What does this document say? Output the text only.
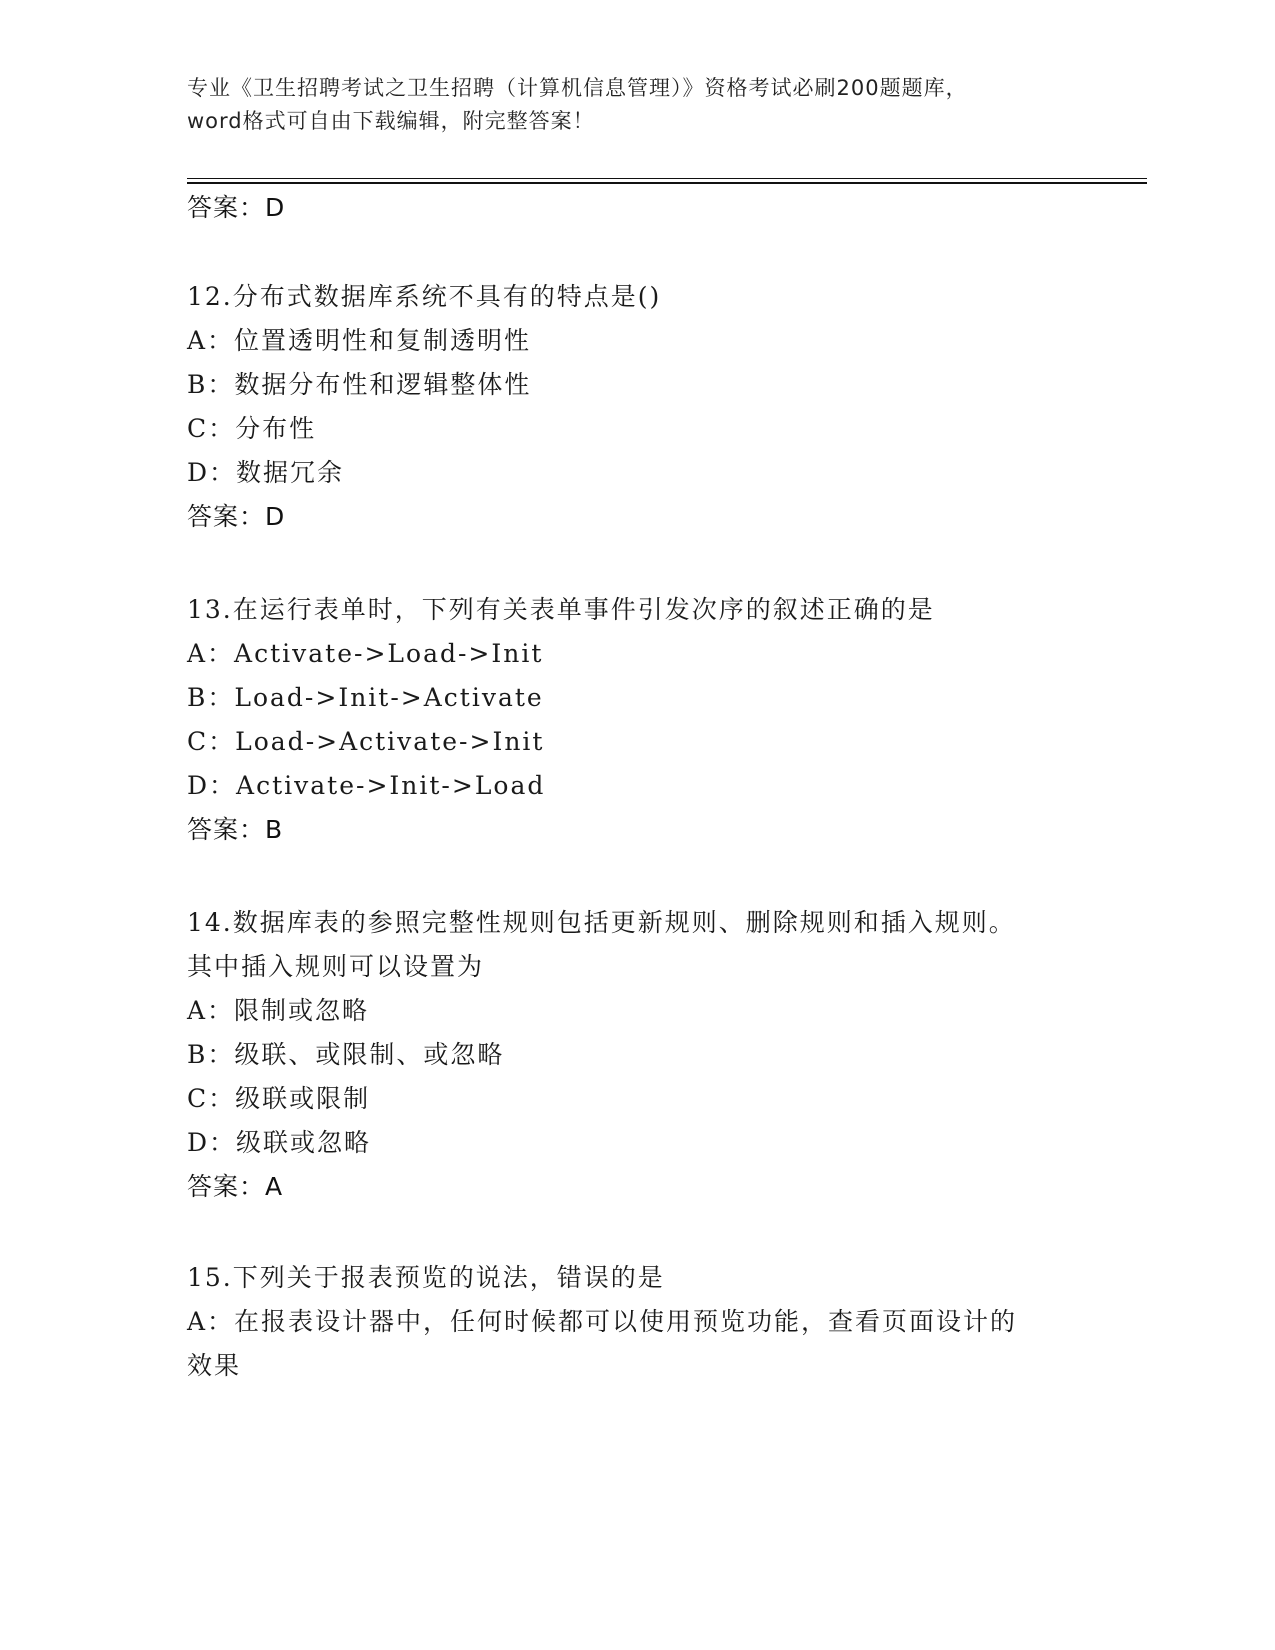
专业《卫生招聘考试之卫生招聘（计算机信息管理）》资格考试必刷200题题库，
word格式可自由下载编辑，附完整答案！
答案：D
12.分布式数据库系统不具有的特点是()
A：位置透明性和复制透明性
B：数据分布性和逻辑整体性
C：分布性
D：数据冗余
答案：D
13.在运行表单时，下列有关表单事件引发次序的叙述正确的是
A：Activate->Load->Init
B：Load->Init->Activate
C：Load->Activate->Init
D：Activate->Init->Load
答案：B
14.数据库表的参照完整性规则包括更新规则、删除规则和插入规则。
其中插入规则可以设置为
A：限制或忽略
B：级联、或限制、或忽略
C：级联或限制
D：级联或忽略
答案：A
15.下列关于报表预览的说法，错误的是
A：在报表设计器中，任何时候都可以使用预览功能，查看页面设计的
效果
